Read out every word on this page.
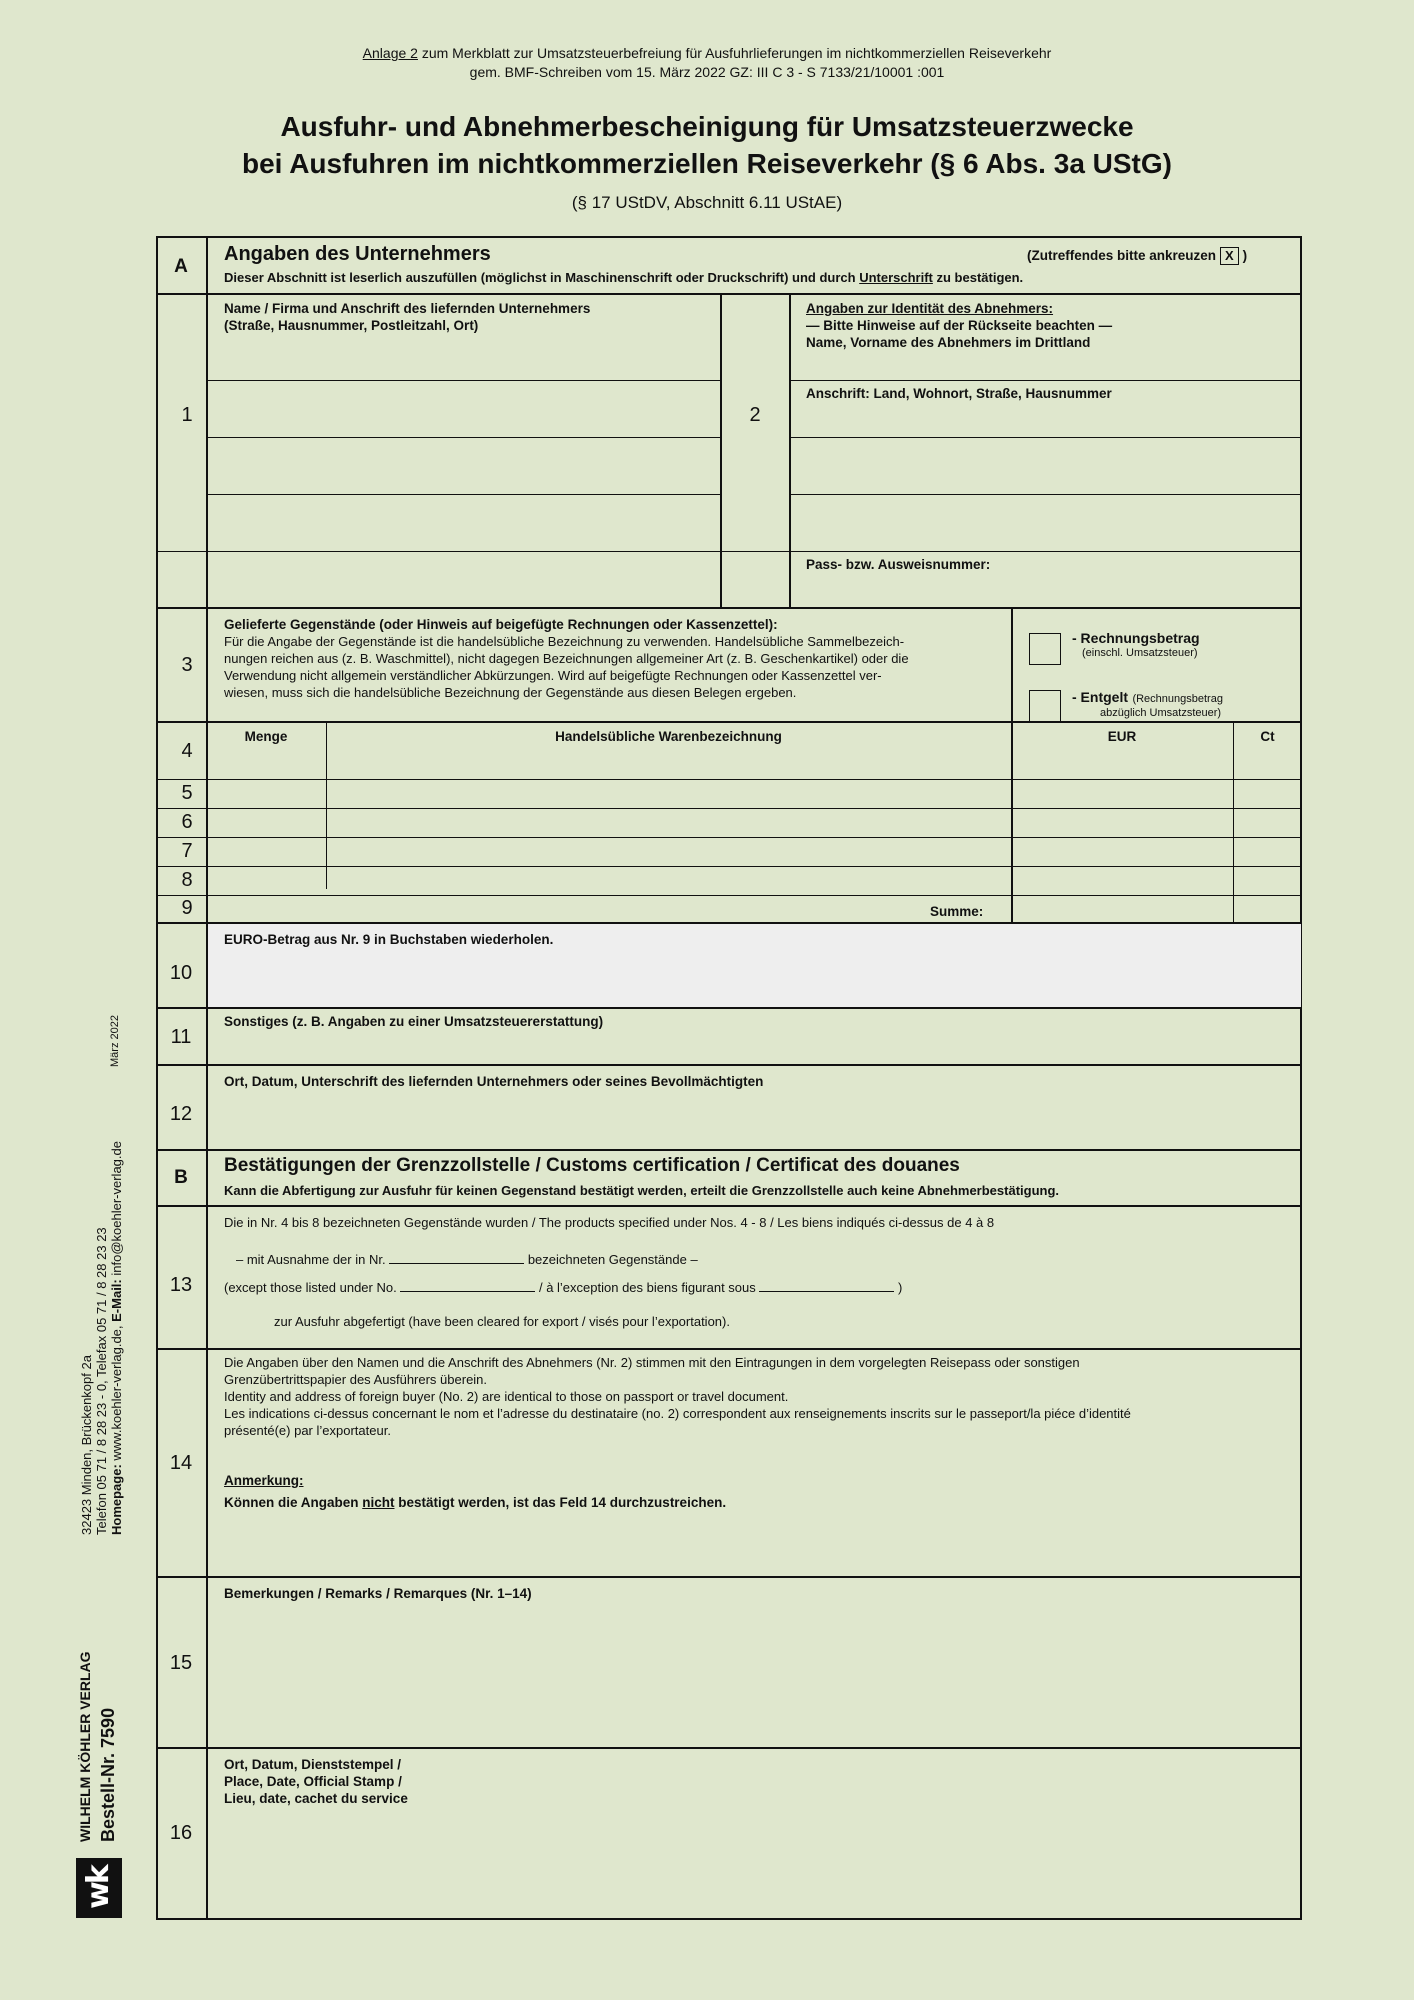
Anlage 2 zum Merkblatt zur Umsatzsteuerbefreiung für Ausfuhrlieferungen im nichtkommerziellen Reiseverkehr
gem. BMF-Schreiben vom 15. März 2022 GZ: III C 3 - S 7133/21/10001 :001
Ausfuhr- und Abnehmerbescheinigung für Umsatzsteuerzwecke
bei Ausfuhren im nichtkommerziellen Reiseverkehr (§ 6 Abs. 3a UStG)
(§ 17 UStDV, Abschnitt 6.11 UStAE)
A
Angaben des Unternehmers	(Zutreffendes bitte ankreuzen X )
Dieser Abschnitt ist leserlich auszufüllen (möglichst in Maschinenschrift oder Druckschrift) und durch Unterschrift zu bestätigen.
1
Name / Firma und Anschrift des liefernden Unternehmers
(Straße, Hausnummer, Postleitzahl, Ort)
2
Angaben zur Identität des Abnehmers:
— Bitte Hinweise auf der Rückseite beachten —
Name, Vorname des Abnehmers im Drittland
Anschrift: Land, Wohnort, Straße, Hausnummer
Pass- bzw. Ausweisnummer:
3
Gelieferte Gegenstände (oder Hinweis auf beigefügte Rechnungen oder Kassenzettel):
Für die Angabe der Gegenstände ist die handelsübliche Bezeichnung zu verwenden. Handelsübliche Sammelbezeich-
nungen reichen aus (z. B. Waschmittel), nicht dagegen Bezeichnungen allgemeiner Art (z. B. Geschenkartikel) oder die
Verwendung nicht allgemein verständlicher Abkürzungen. Wird auf beigefügte Rechnungen oder Kassenzettel ver-
wiesen, muss sich die handelsübliche Bezeichnung der Gegenstände aus diesen Belegen ergeben.
- Rechnungsbetrag
(einschl. Umsatzsteuer)
- Entgelt (Rechnungsbetrag
abzüglich Umsatzsteuer)
Menge	Handelsübliche Warenbezeichnung	EUR	Ct
4
5
6
7
8
9	Summe:
10
EURO-Betrag aus Nr. 9 in Buchstaben wiederholen.
11
Sonstiges (z. B. Angaben zu einer Umsatzsteuererstattung)
12
Ort, Datum, Unterschrift des liefernden Unternehmers oder seines Bevollmächtigten
B
Bestätigungen der Grenzzollstelle / Customs certification / Certificat des douanes
Kann die Abfertigung zur Ausfuhr für keinen Gegenstand bestätigt werden, erteilt die Grenzzollstelle auch keine Abnehmerbestätigung.
13
Die in Nr. 4 bis 8 bezeichneten Gegenstände wurden / The products specified under Nos. 4 - 8 / Les biens indiqués ci-dessus de 4 à 8
– mit Ausnahme der in Nr.	bezeichneten Gegenstände –
(except those listed under No.	/ à l’exception des biens figurant sous	)
zur Ausfuhr abgefertigt (have been cleared for export / visés pour l’exportation).
14
Die Angaben über den Namen und die Anschrift des Abnehmers (Nr. 2) stimmen mit den Eintragungen in dem vorgelegten Reisepass oder sonstigen
Grenzübertrittspapier des Ausführers überein.
Identity and address of foreign buyer (No. 2) are identical to those on passport or travel document.
Les indications ci-dessus concernant le nom et l’adresse du destinataire (no. 2) correspondent aux renseignements inscrits sur le passeport/la piéce d’identité
présenté(e) par l’exportateur.
Anmerkung:
Können die Angaben nicht bestätigt werden, ist das Feld 14 durchzustreichen.
15
Bemerkungen / Remarks / Remarques (Nr. 1–14)
16
Ort, Datum, Dienststempel /
Place, Date, Official Stamp /
Lieu, date, cachet du service
März 2022
WILHELM KÖHLER VERLAG Bestell-Nr. 7590
32423 Minden, Brückenkopf 2a Telefon 05 71 / 8 28 23 - 0, Telefax 05 71 / 8 28 23 23 Homepage: www.koehler-verlag.de, E-Mail: info@koehler-verlag.de
wk
